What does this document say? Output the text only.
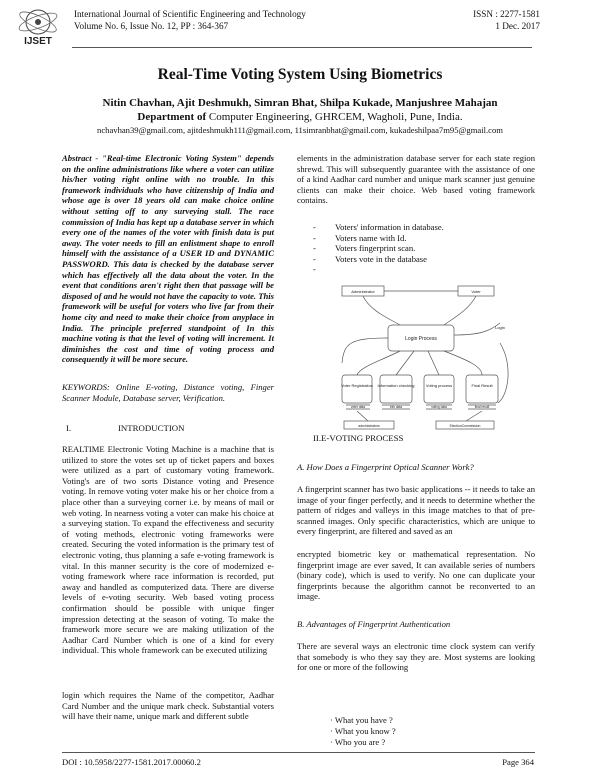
IJSET
International Journal of Scientific Engineering and Technology
Volume No. 6, Issue No. 12, PP : 364-367
ISSN : 2277-1581
1 Dec. 2017
Real-Time Voting System Using Biometrics
Nitin Chavhan, Ajit Deshmukh, Simran Bhat, Shilpa Kukade, Manjushree Mahajan
Department of Computer Engineering, GHRCEM, Wagholi, Pune, India.
nchavhan39@gmail.com, ajitdeshmukh111@gmail.com, 11simranbhat@gmail.com, kukadeshilpaa7m95@gmail.com
Abstract - "Real-time Electronic Voting System" depends on the online administrations like where a voter can utilize his/her voting right online with no trouble. In this framework individuals who have citizenship of India and whose age is over 18 years old can make choice online without setting off to any surveying stall. The race commission of India has kept up a database server in which every one of the names of the voter with finish data is put away. The voter needs to fill an enlistment shape to enroll himself with the assistance of a USER ID and DYNAMIC PASSWORD. This data is checked by the database server which has effectively all the data about the voter. In the event that conditions aren't right then that passage will be disposed of and he would not have the capacity to vote. This framework will be useful for voters who live far from their home city and need to make their choice from anyplace in India. The principle preferred standpoint of In this machine voting is that the level of voting will increment. It diminishes the cost and time of voting process and consequently it will be more secure.
KEYWORDS: Online E-voting, Distance voting, Finger Scanner Module, Database server, Verification.
I.	INTRODUCTION
REALTIME Electronic Voting Machine is a machine that is utilized to store the votes set up of ticket papers and boxes were utilized as a part of customary voting framework. Voting's are of two sorts Distance voting and Presence voting. In remove voting voter make his or her choice from a place other than a surveying corner i.e. by means of mail or web voting. In nearness voting a voter can make his choice at a surveying station. To expand the effectiveness and security of voting methods, electronic voting frameworks were created. Securing the voted information is the primary test of electronic voting, thus planning a safe e-voting framework is vital. In this manner security is the core of modernized e-voting framework where race information is recorded, put away and handled as computerized data. There are diverse levels of e-voting security. Web based voting process confirmation should be possible with unique finger impression detecting at the season of voting. To make the framework more secure we are making utilization of the Aadhar Card Number which is one of a kind for every individual. This whole framework can be executed utilizing
login which requires the Name of the competitor, Aadhar Card Number and the unique mark check. Substantial voters will have their name, unique mark and different subtle
elements in the administration database server for each state region shrewd. This will subsequently guarantee with the assistance of one of a kind Aadhar card number and unique mark scanner just genuine clients can make their choice. Web based voting framework contains.
- Voters' information in database.
- Voters name with Id.
- Voters fingerprint scan.
- Voters vote in the database
-
Administrator	Voter
Login
Login Process
Voter Registration Information checking	Voting process	Final Result
voter data	info data	voting data	final result
administrators	ElectionCommission
II.E-VOTING PROCESS
A. How Does a Fingerprint Optical Scanner Work?
A fingerprint scanner has two basic applications -- it needs to take an image of your finger perfectly, and it needs to determine whether the pattern of ridges and valleys in this image matches to that of pre-scanned images. Only specific characteristics, which are unique to every fingerprint, are filtered and saved as an
encrypted biometric key or mathematical representation. No fingerprint image are ever saved, It can available series of numbers (binary code), which is used to verify. No one can duplicate your fingerprints because the algorithm cannot be reconverted to an image.
B. Advantages of Fingerprint Authentication
There are several ways an electronic time clock system can verify that somebody is who they say they are. Most systems are looking for one or more of the following
· What you have ?
· What you know ?
· Who you are ?
DOI : 10.5958/2277-1581.2017.00060.2	Page 364
